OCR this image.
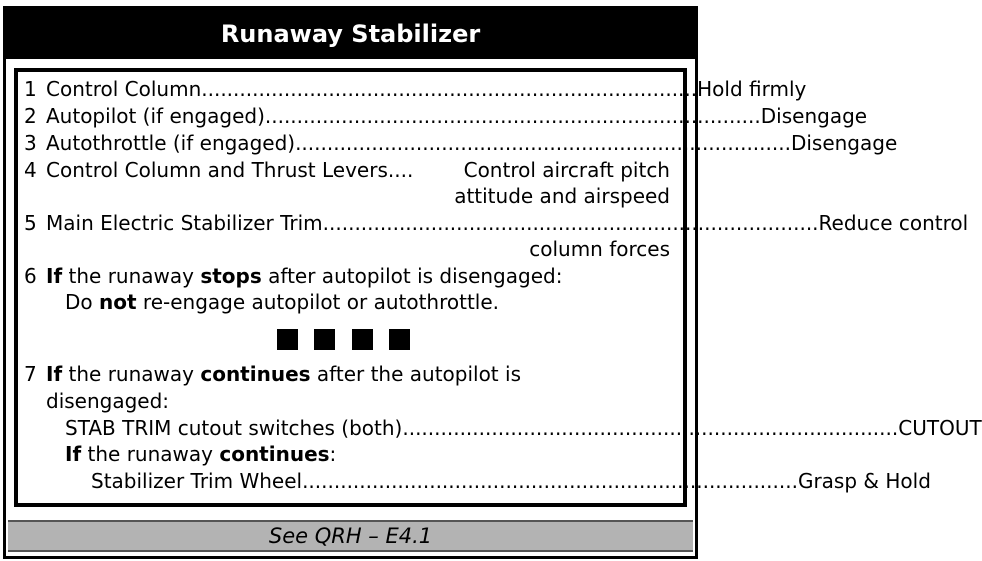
Runaway Stabilizer
See QRH – E4.1
1 Control Column .............................................................................. Hold firmly
2 Autopilot (if engaged) .............................................................................. Disengage
3 Autothrottle (if engaged) .............................................................................. Disengage
4 Control Column and Thrust Levers ....	Control aircraft pitch
attitude and airspeed
5 Main Electric Stabilizer Trim .............................................................................. Reduce control
column forces
6 If the runaway stops after autopilot is disengaged:
Do not re-engage autopilot or autothrottle.
7 If the runaway continues after the autopilot is
disengaged:
STAB TRIM cutout switches (both) .............................................................................. CUTOUT
If the runaway continues:
Stabilizer Trim Wheel .............................................................................. Grasp & Hold
